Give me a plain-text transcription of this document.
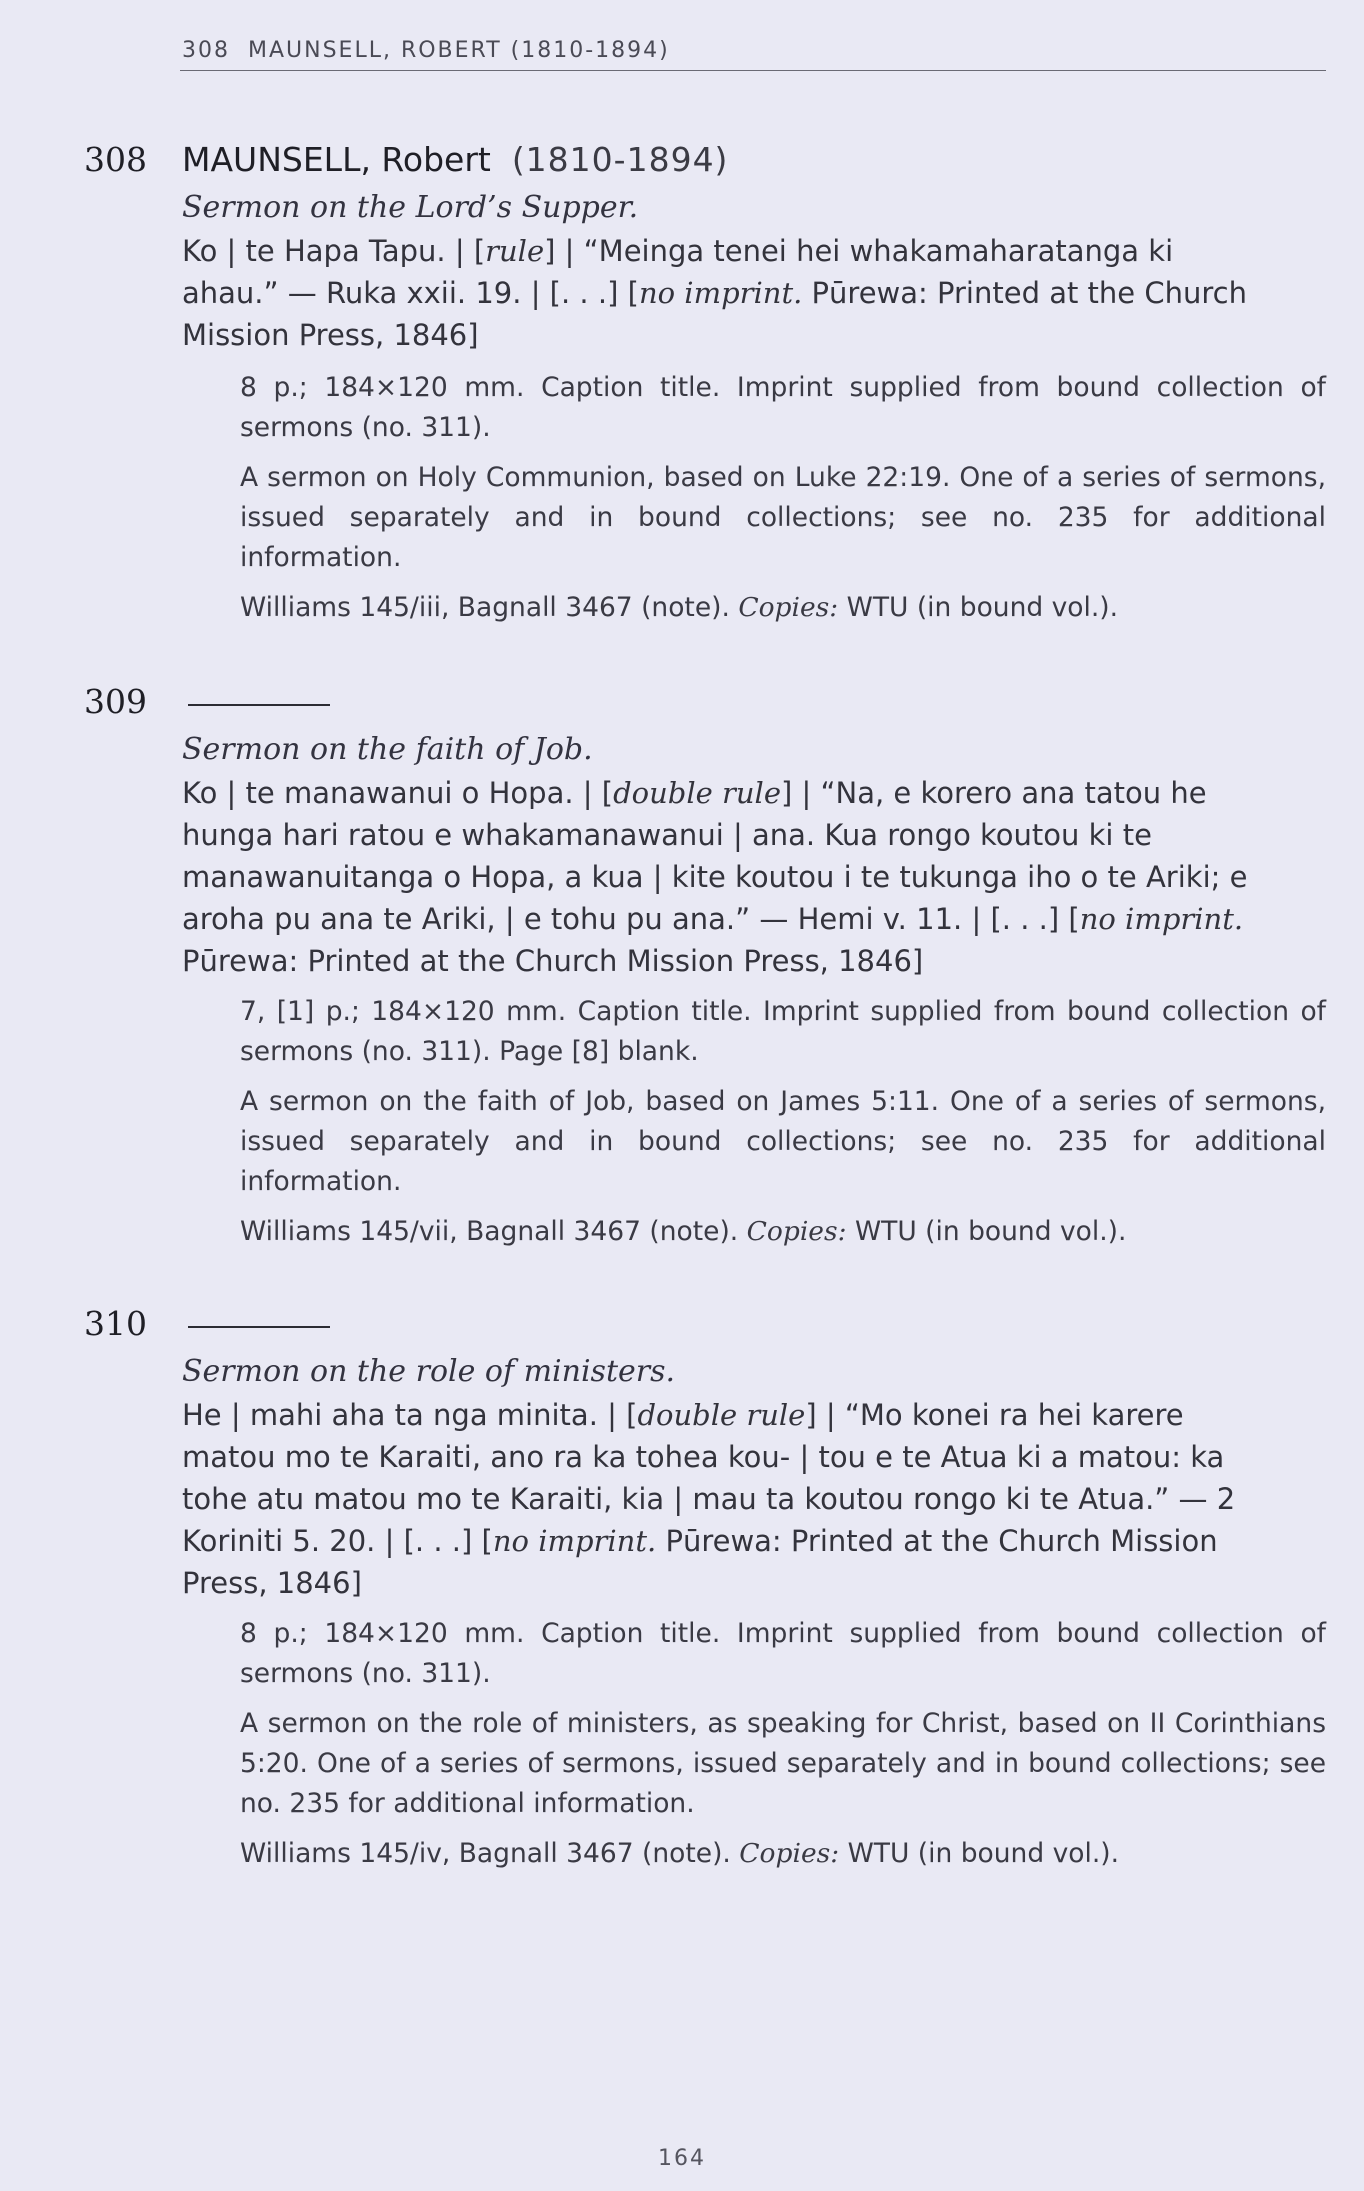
308 MAUNSELL, ROBERT (1810-1894)
308 MAUNSELL, Robert (1810-1894)
Sermon on the Lord’s Supper.
Ko | te Hapa Tapu. | [rule] | “Meinga tenei hei whakamaharatanga ki
ahau.” — Ruka xxii. 19. | [. . .] [no imprint. Pūrewa: Printed at the Church
Mission Press, 1846]
8 p.; 184×120 mm. Caption title. Imprint supplied from bound collection of sermons (no. 311).
A sermon on Holy Communion, based on Luke 22:19. One of a series of sermons, issued separately and in bound collections; see no. 235 for additional information.
Williams 145/iii, Bagnall 3467 (note). Copies: WTU (in bound vol.).
309
Sermon on the faith of Job.
Ko | te manawanui o Hopa. | [double rule] | “Na, e korero ana tatou he
hunga hari ratou e whakamanawanui | ana. Kua rongo koutou ki te
manawanuitanga o Hopa, a kua | kite koutou i te tukunga iho o te Ariki; e
aroha pu ana te Ariki, | e tohu pu ana.” — Hemi v. 11. | [. . .] [no imprint.
Pūrewa: Printed at the Church Mission Press, 1846]
7, [1] p.; 184×120 mm. Caption title. Imprint supplied from bound collection of sermons (no. 311). Page [8] blank.
A sermon on the faith of Job, based on James 5:11. One of a series of sermons, issued separately and in bound collections; see no. 235 for additional information.
Williams 145/vii, Bagnall 3467 (note). Copies: WTU (in bound vol.).
310
Sermon on the role of ministers.
He | mahi aha ta nga minita. | [double rule] | “Mo konei ra hei karere
matou mo te Karaiti, ano ra ka tohea kou- | tou e te Atua ki a matou: ka
tohe atu matou mo te Karaiti, kia | mau ta koutou rongo ki te Atua.” — 2
Koriniti 5. 20. | [. . .] [no imprint. Pūrewa: Printed at the Church Mission
Press, 1846]
8 p.; 184×120 mm. Caption title. Imprint supplied from bound collection of sermons (no. 311).
A sermon on the role of ministers, as speaking for Christ, based on II Corinthians 5:20. One of a series of sermons, issued separately and in bound collections; see no. 235 for additional information.
Williams 145/iv, Bagnall 3467 (note). Copies: WTU (in bound vol.).
164
